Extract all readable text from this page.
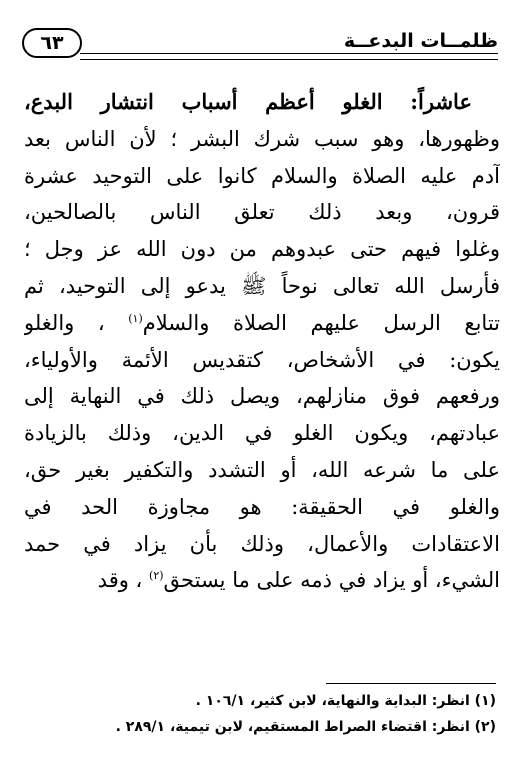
ظلمــات البدعــة
٦٣
عاشراً: الغلو أعظم أسباب انتشار البدع،
وظهورها، وهو سبب شرك البشر ؛ لأن الناس بعد
آدم عليه الصلاة والسلام كانوا على التوحيد عشرة
قرون، وبعد ذلك تعلق الناس بالصالحين،
وغلوا فيهم حتى عبدوهم من دون الله عز وجل ؛
فأرسل الله تعالى نوحاً ﷺ يدعو إلى التوحيد، ثم
تتابع الرسل عليهم الصلاة والسلام$^{(١)}$ ، والغلو
يكون: في الأشخاص، كتقديس الأئمة والأولياء،
ورفعهم فوق منازلهم، ويصل ذلك في النهاية إلى
عبادتهم، ويكون الغلو في الدين، وذلك بالزيادة
على ما شرعه الله، أو التشدد والتكفير بغير حق،
والغلو في الحقيقة: هو مجاوزة الحد في
الاعتقادات والأعمال، وذلك بأن يزاد في حمد
الشيء، أو يزاد في ذمه على ما يستحق$^{(٢)}$ ، وقد
(١) انظر: البداية والنهاية، لابن كثير، ١٠٦/١ .
(٢) انظر: اقتضاء الصراط المستقيم، لابن تيمية، ٢٨٩/١ .
